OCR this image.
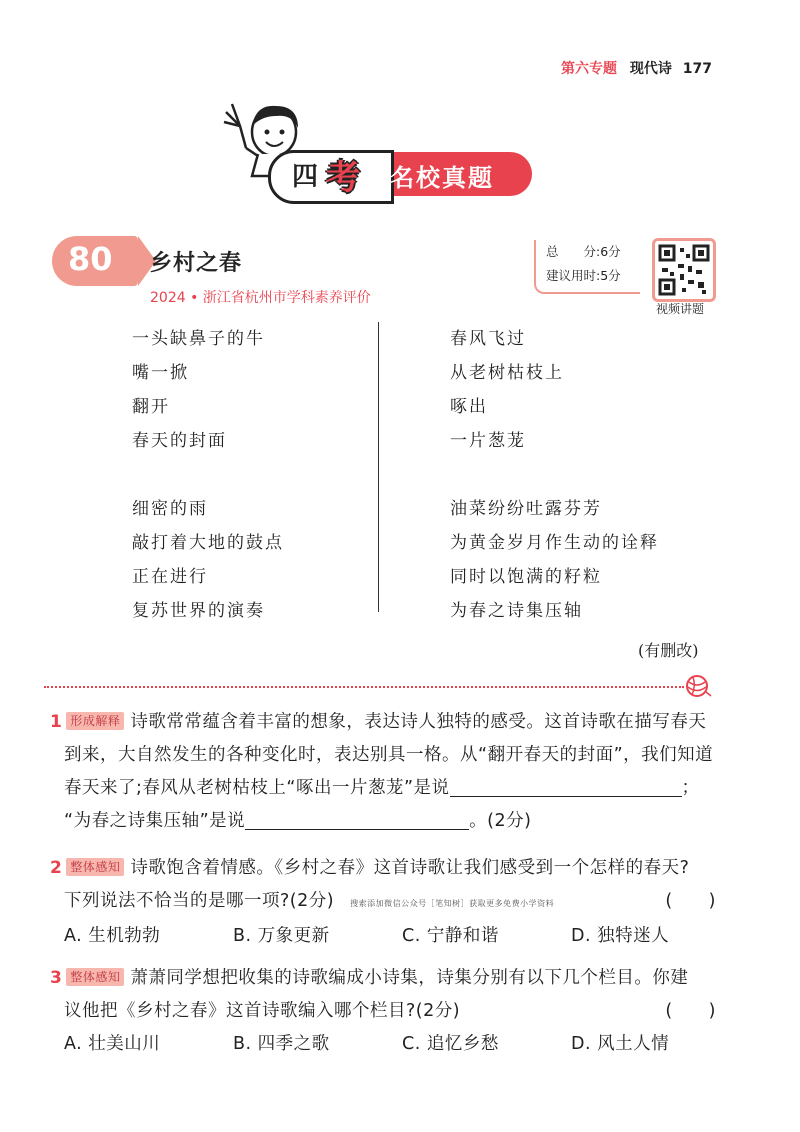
第六专题 现代诗 177
四 考 名校真题
80 乡村之春
2024 • 浙江省杭州市学科素养评价
总　　分:6分
建议用时:5分
视频讲题
一头缺鼻子的牛
嘴一掀
翻开
春天的封面
细密的雨
敲打着大地的鼓点
正在进行
复苏世界的演奏
春风飞过
从老树枯枝上
啄出
一片葱茏
油菜纷纷吐露芬芳
为黄金岁月作生动的诠释
同时以饱满的籽粒
为春之诗集压轴
(有删改)
1 形成解释 诗歌常常蕴含着丰富的想象，表达诗人独特的感受。这首诗歌在描写春天
到来，大自然发生的各种变化时，表达别具一格。从“翻开春天的封面”，我们知道
春天来了;春风从老树枯枝上“啄出一片葱茏”是说	；
“为春之诗集压轴”是说	。(2分)
2 整体感知 诗歌饱含着情感。《乡村之春》这首诗歌让我们感受到一个怎样的春天?
下列说法不恰当的是哪一项?(2分) 搜索添加微信公众号［笔知树］获取更多免费小学资料	(　　)
A. 生机勃勃	B. 万象更新	C. 宁静和谐	D. 独特迷人
3 整体感知 萧萧同学想把收集的诗歌编成小诗集，诗集分别有以下几个栏目。你建
议他把《乡村之春》这首诗歌编入哪个栏目?(2分)	(　　)
A. 壮美山川	B. 四季之歌	C. 追忆乡愁	D. 风土人情
